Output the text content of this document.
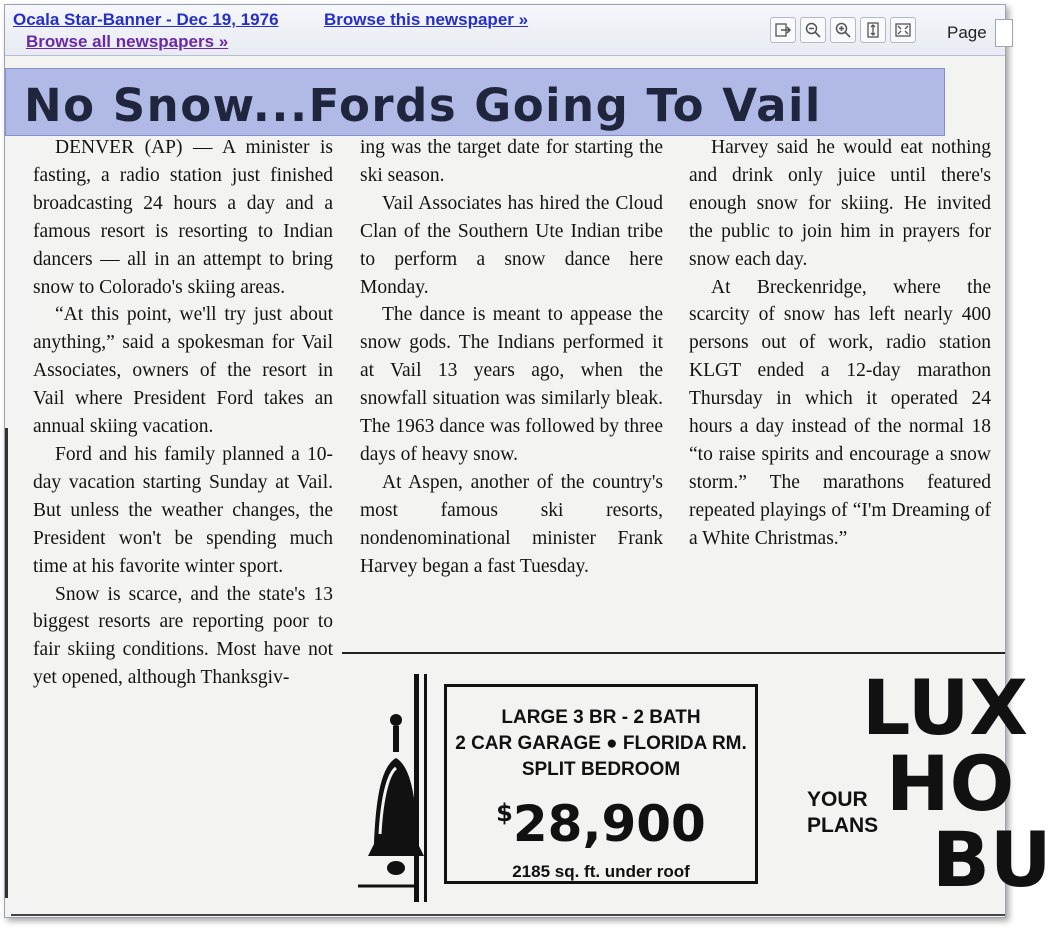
Ocala Star-Banner - Dec 19, 1976	Browse this newspaper »
Browse all newspapers »	Page
No Snow...Fords Going To Vail

DENVER (AP) — A minister is fasting, a radio station just finished broadcasting 24 hours a day and a famous resort is resorting to Indian dancers — all in an attempt to bring snow to Colorado's skiing areas.

“At this point, we'll try just about anything,” said a spokesman for Vail Associates, owners of the resort in Vail where President Ford takes an annual skiing vacation.

Ford and his family planned a 10-day vacation starting Sunday at Vail. But unless the weather changes, the President won't be spending much time at his favorite winter sport.

Snow is scarce, and the state's 13 biggest resorts are reporting poor to fair skiing conditions. Most have not yet opened, although Thanksgiv-

ing was the target date for starting the ski season.

Vail Associates has hired the Cloud Clan of the Southern Ute Indian tribe to perform a snow dance here Monday.

The dance is meant to appease the snow gods. The Indians performed it at Vail 13 years ago, when the snowfall situation was similarly bleak. The 1963 dance was followed by three days of heavy snow.

At Aspen, another of the country's most famous ski resorts, nondenominational minister Frank Harvey began a fast Tuesday.

Harvey said he would eat nothing and drink only juice until there's enough snow for skiing. He invited the public to join him in prayers for snow each day.

At Breckenridge, where the scarcity of snow has left nearly 400 persons out of work, radio station KLGT ended a 12-day marathon Thursday in which it operated 24 hours a day instead of the normal 18 “to raise spirits and encourage a snow storm.” The marathons featured repeated playings of “I'm Dreaming of a White Christmas.”

LARGE 3 BR - 2 BATH
2 CAR GARAGE ● FLORIDA RM.
SPLIT BEDROOM
$28,900
2185 sq. ft. under roof
LUX
HO
BU
YOUR
PLANS
